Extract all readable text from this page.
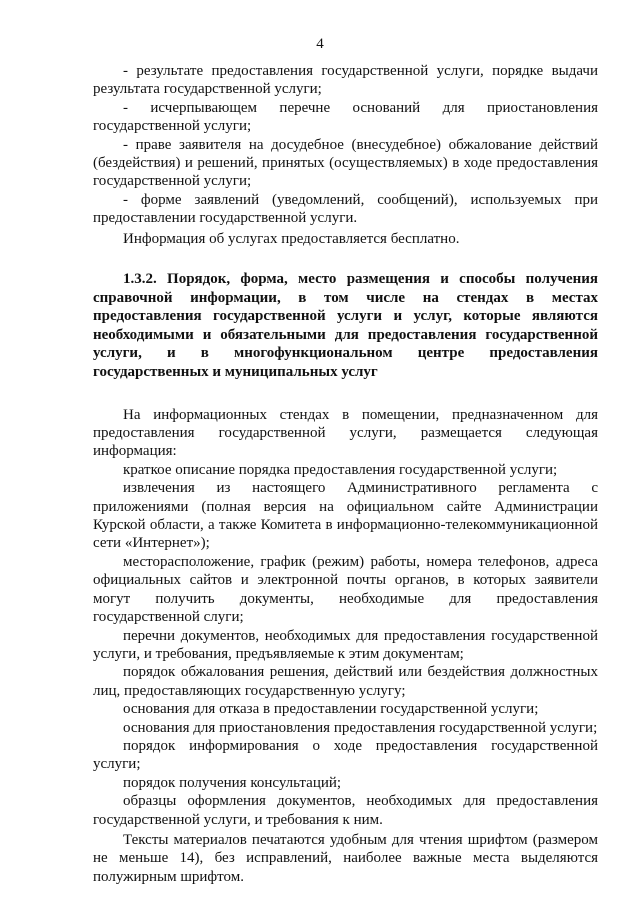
4

- результате предоставления государственной услуги, порядке выдачи результата государственной услуги;

- исчерпывающем перечне оснований для приостановления государственной услуги;

- праве заявителя на досудебное (внесудебное) обжалование действий (бездействия) и решений, принятых (осуществляемых) в ходе предоставления государственной услуги;

- форме заявлений (уведомлений, сообщений), используемых при предоставлении государственной услуги.

Информация об услугах предоставляется бесплатно.

1.3.2. Порядок, форма, место размещения и способы получения справочной информации, в том числе на стендах в местах предоставления государственной услуги и услуг, которые являются необходимыми и обязательными для предоставления государственной услуги, и в многофункциональном центре предоставления государственных и муниципальных услуг

На информационных стендах в помещении, предназначенном для предоставления государственной услуги, размещается следующая информация:

краткое описание порядка предоставления государственной услуги;

извлечения из настоящего Административного регламента с приложениями (полная версия на официальном сайте Администрации Курской области, а также Комитета в информационно-телекоммуникационной сети «Интернет»);

месторасположение, график (режим) работы, номера телефонов, адреса официальных сайтов и электронной почты органов, в которых заявители могут получить документы, необходимые для предоставления государственной слуги;

перечни документов, необходимых для предоставления государственной услуги, и требования, предъявляемые к этим документам;

порядок обжалования решения, действий или бездействия должностных лиц, предоставляющих государственную услугу;

основания для отказа в предоставлении государственной услуги;

основания для приостановления предоставления государственной услуги;

порядок информирования о ходе предоставления государственной услуги;

порядок получения консультаций;

образцы оформления документов, необходимых для предоставления государственной услуги, и требования к ним.

Тексты материалов печатаются удобным для чтения шрифтом (размером не меньше 14), без исправлений, наиболее важные места выделяются полужирным шрифтом.
